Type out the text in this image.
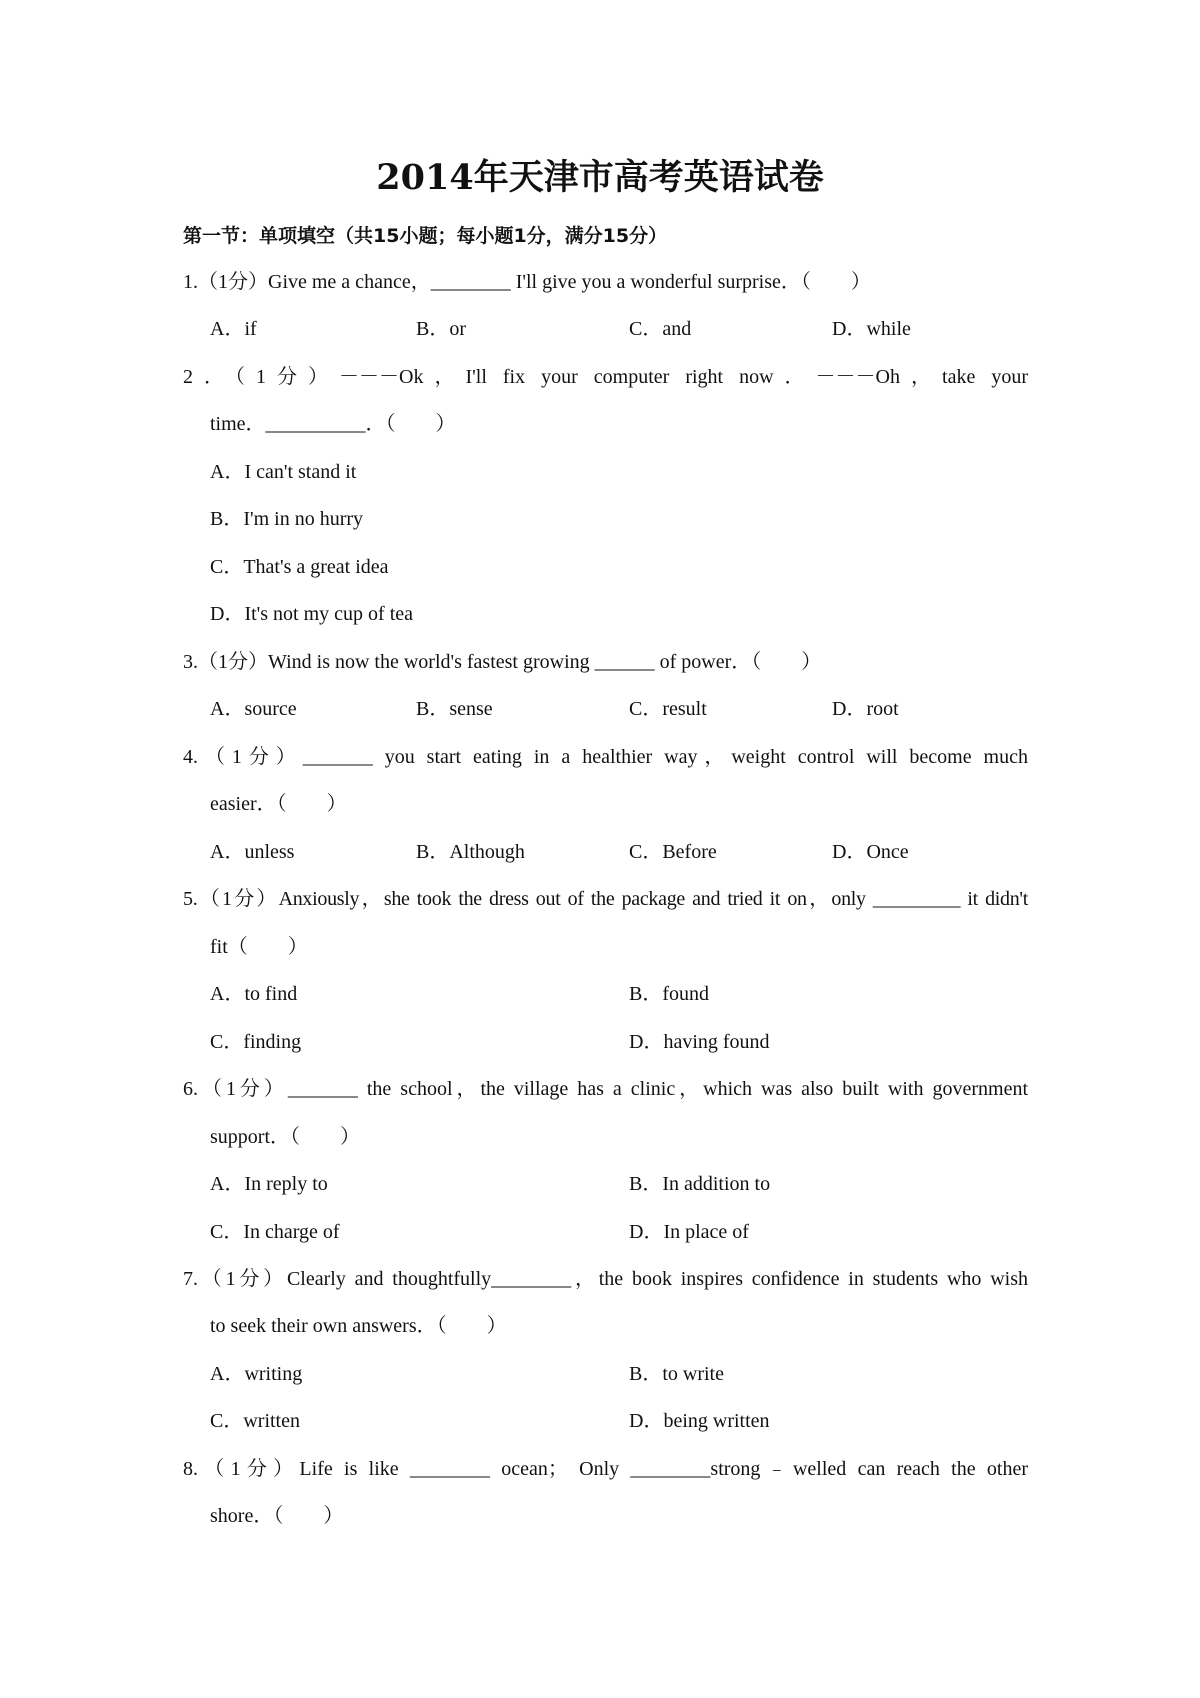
2014年天津市高考英语试卷
第一节：单项填空（共15小题；每小题1分，满分15分）
1.（1分）Give me a chance，________ I'll give you a wonderful surprise．（　　）
A．if	B．or	C．and	D．while
2．（1分）－－－Ok，I'll fix your computer right now．－－－Oh，take your
time．__________．（　　）
A．I can't stand it
B．I'm in no hurry
C．That's a great idea
D．It's not my cup of tea
3.（1分）Wind is now the world's fastest growing ______ of power．（　　）
A．source	B．sense	C．result	D．root
4.（1分）_______ you start eating in a healthier way，weight control will become much
easier．（　　）
A．unless	B．Although	C．Before	D．Once
5.（1分）Anxiously，she took the dress out of the package and tried it on，only _________ it didn't
fit（　　）
A．to find	B．found
C．finding	D．having found
6.（1分）_______ the school，the village has a clinic，which was also built with government
support．（　　）
A．In reply to	B．In addition to
C．In charge of	D．In place of
7.（1分）Clearly and thoughtfully________，the book inspires confidence in students who wish
to seek their own answers．（　　）
A．writing	B．to write
C．written	D．being written
8.（1分）Life is like ________ ocean； Only ________strong﹣welled can reach the other
shore．（　　）
